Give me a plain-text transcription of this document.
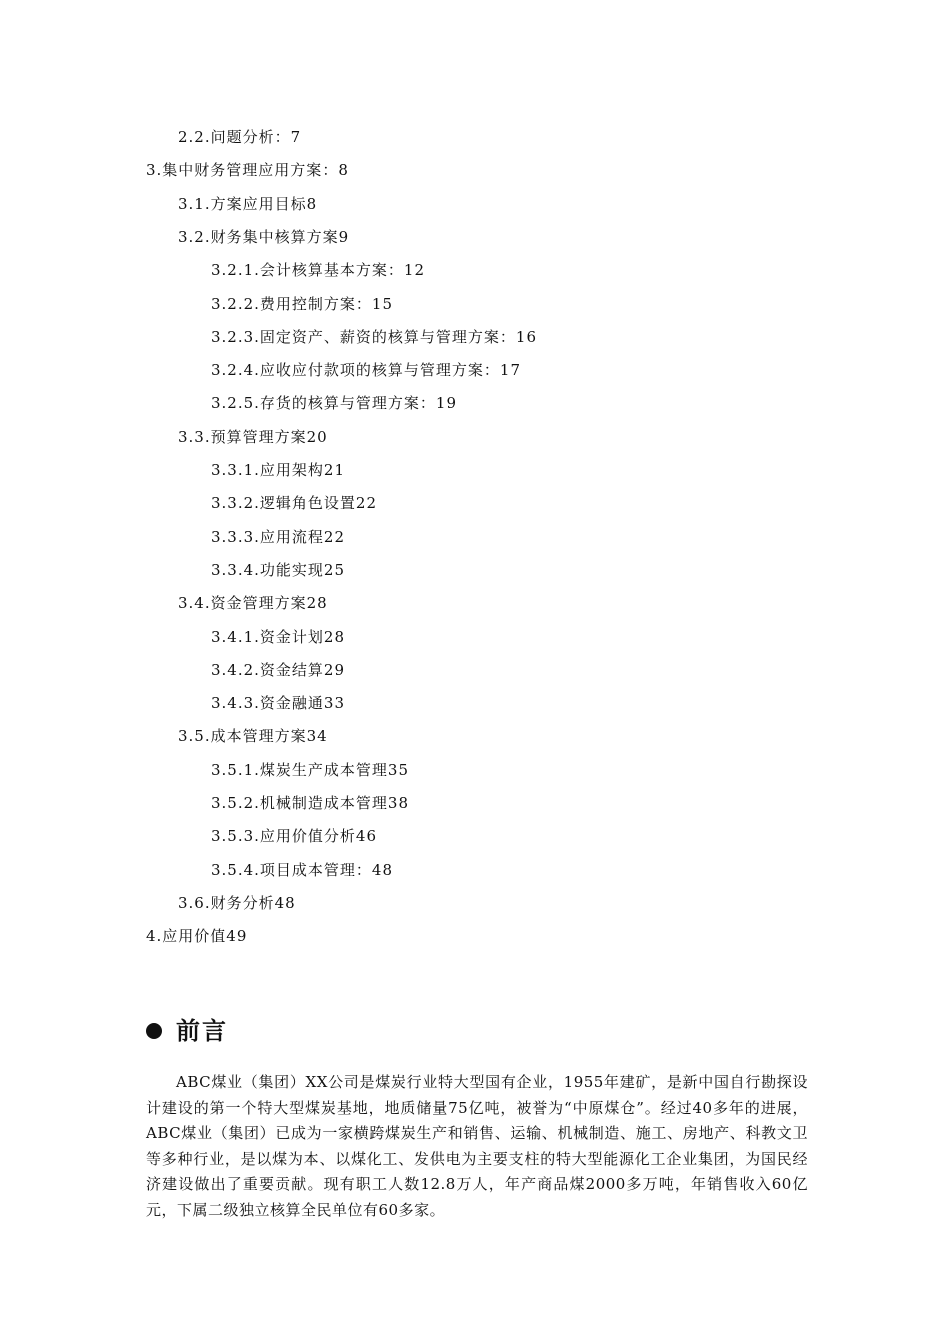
2.2.问题分析：7
3.集中财务管理应用方案：8
3.1.方案应用目标8
3.2.财务集中核算方案9
3.2.1.会计核算基本方案：12
3.2.2.费用控制方案：15
3.2.3.固定资产、薪资的核算与管理方案：16
3.2.4.应收应付款项的核算与管理方案：17
3.2.5.存货的核算与管理方案：19
3.3.预算管理方案20
3.3.1.应用架构21
3.3.2.逻辑角色设置22
3.3.3.应用流程22
3.3.4.功能实现25
3.4.资金管理方案28
3.4.1.资金计划28
3.4.2.资金结算29
3.4.3.资金融通33
3.5.成本管理方案34
3.5.1.煤炭生产成本管理35
3.5.2.机械制造成本管理38
3.5.3.应用价值分析46
3.5.4.项目成本管理：48
3.6.财务分析48
4.应用价值49
前言
ABC煤业（集团）XX公司是煤炭行业特大型国有企业，1955年建矿，是新中国自行勘探设计建设的第一个特大型煤炭基地，地质储量75亿吨，被誉为“中原煤仓”。经过40多年的进展，ABC煤业（集团）已成为一家横跨煤炭生产和销售、运输、机械制造、施工、房地产、科教文卫等多种行业，是以煤为本、以煤化工、发供电为主要支柱的特大型能源化工企业集团，为国民经济建设做出了重要贡献。现有职工人数12.8万人，年产商品煤2000多万吨，年销售收入60亿元，下属二级独立核算全民单位有60多家。
